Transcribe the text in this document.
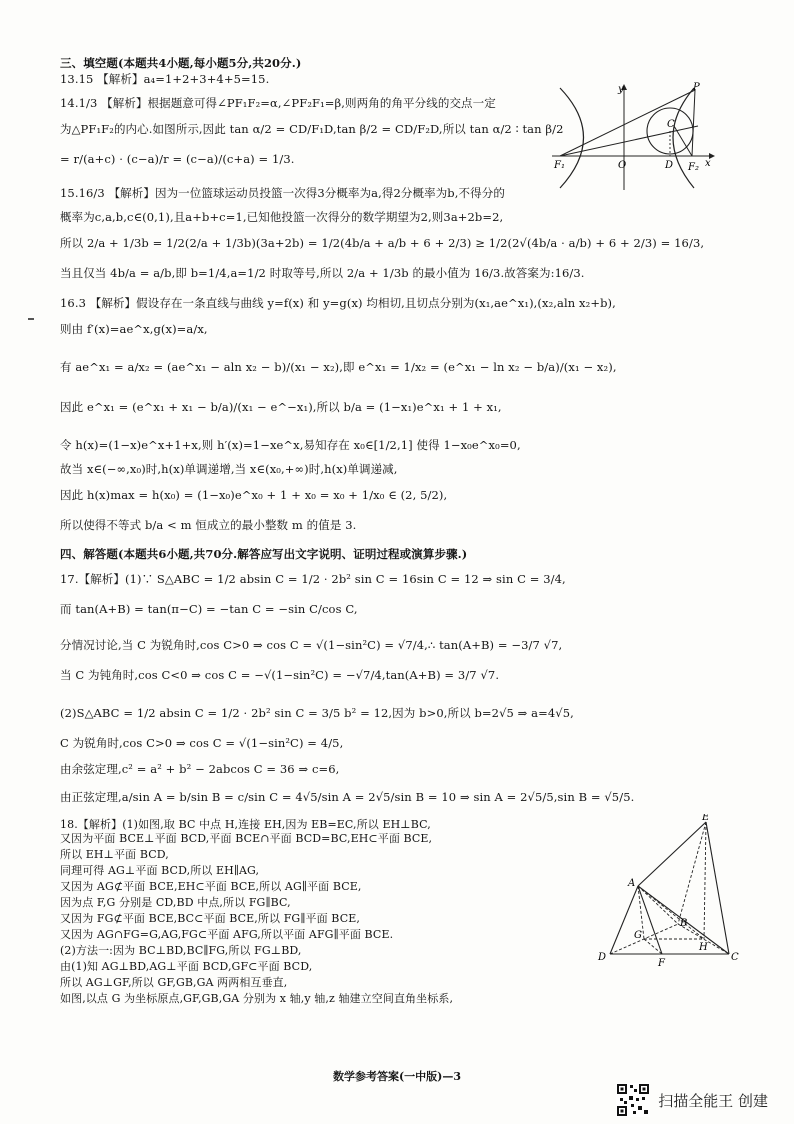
三、填空题(本题共4小题,每小题5分,共20分.)
13.15 【解析】a₄=1+2+3+4+5=15.
14.1/3 【解析】根据题意可得∠PF₁F₂=α,∠PF₂F₁=β,则两角的角平分线的交点一定
为△PF₁F₂的内心.如图所示,因此 tan α/2 = CD/F₁D,tan β/2 = CD/F₂D,所以 tan α/2 ∶ tan β/2
= r/(a+c) · (c−a)/r = (c−a)/(c+a) = 1/3.
15.16/3 【解析】因为一位篮球运动员投篮一次得3分概率为a,得2分概率为b,不得分的
概率为c,a,b,c∈(0,1),且a+b+c=1,已知他投篮一次得分的数学期望为2,则3a+2b=2,
所以 2/a + 1/3b = 1/2(2/a + 1/3b)(3a+2b) = 1/2(4b/a + a/b + 6 + 2/3) ≥ 1/2(2√(4b/a · a/b) + 6 + 2/3) = 16/3,
当且仅当 4b/a = a/b,即 b=1/4,a=1/2 时取等号,所以 2/a + 1/3b 的最小值为 16/3.故答案为:16/3.
16.3 【解析】假设存在一条直线与曲线 y=f(x) 和 y=g(x) 均相切,且切点分别为(x₁,ae^x₁),(x₂,aln x₂+b),
则由 f′(x)=ae^x,g(x)=a/x,
有 ae^x₁ = a/x₂ = (ae^x₁ − aln x₂ − b)/(x₁ − x₂),即 e^x₁ = 1/x₂ = (e^x₁ − ln x₂ − b/a)/(x₁ − x₂),
因此 e^x₁ = (e^x₁ + x₁ − b/a)/(x₁ − e^−x₁),所以 b/a = (1−x₁)e^x₁ + 1 + x₁,
令 h(x)=(1−x)e^x+1+x,则 h′(x)=1−xe^x,易知存在 x₀∈[1/2,1] 使得 1−x₀e^x₀=0,
故当 x∈(−∞,x₀)时,h(x)单调递增,当 x∈(x₀,+∞)时,h(x)单调递减,
因此 h(x)max = h(x₀) = (1−x₀)e^x₀ + 1 + x₀ = x₀ + 1/x₀ ∈ (2, 5/2),
所以使得不等式 b/a < m 恒成立的最小整数 m 的值是 3.
四、解答题(本题共6小题,共70分.解答应写出文字说明、证明过程或演算步骤.)
17.【解析】(1)∵ S△ABC = 1/2 absin C = 1/2 · 2b² sin C = 16sin C = 12 ⇒ sin C = 3/4,
而 tan(A+B) = tan(π−C) = −tan C = −sin C/cos C,
分情况讨论,当 C 为锐角时,cos C>0 ⇒ cos C = √(1−sin²C) = √7/4,∴ tan(A+B) = −3/7 √7,
当 C 为钝角时,cos C<0 ⇒ cos C = −√(1−sin²C) = −√7/4,tan(A+B) = 3/7 √7.
(2)S△ABC = 1/2 absin C = 1/2 · 2b² sin C = 3/5 b² = 12,因为 b>0,所以 b=2√5 ⇒ a=4√5,
C 为锐角时,cos C>0 ⇒ cos C = √(1−sin²C) = 4/5,
由余弦定理,c² = a² + b² − 2abcos C = 36 ⇒ c=6,
由正弦定理,a/sin A = b/sin B = c/sin C = 4√5/sin A = 2√5/sin B = 10 ⇒ sin A = 2√5/5,sin B = √5/5.
18.【解析】(1)如图,取 BC 中点 H,连接 EH,因为 EB=EC,所以 EH⊥BC,
又因为平面 BCE⊥平面 BCD,平面 BCE∩平面 BCD=BC,EH⊂平面 BCE,
所以 EH⊥平面 BCD,
同理可得 AG⊥平面 BCD,所以 EH∥AG,
又因为 AG⊄平面 BCE,EH⊂平面 BCE,所以 AG∥平面 BCE,
因为点 F,G 分别是 CD,BD 中点,所以 FG∥BC,
又因为 FG⊄平面 BCE,BC⊂平面 BCE,所以 FG∥平面 BCE,
又因为 AG∩FG=G,AG,FG⊂平面 AFG,所以平面 AFG∥平面 BCE.
(2)方法一:因为 BC⊥BD,BC∥FG,所以 FG⊥BD,
由(1)知 AG⊥BD,AG⊥平面 BCD,GF⊂平面 BCD,
所以 AG⊥GF,所以 GF,GB,GA 两两相互垂直,
如图,以点 G 为坐标原点,GF,GB,GA 分别为 x 轴,y 轴,z 轴建立空间直角坐标系,
y	P
C
F₁	O	D F₂ x
E
A
G
B
H
D
F
C
数学参考答案(一中版)—3
扫描全能王 创建
